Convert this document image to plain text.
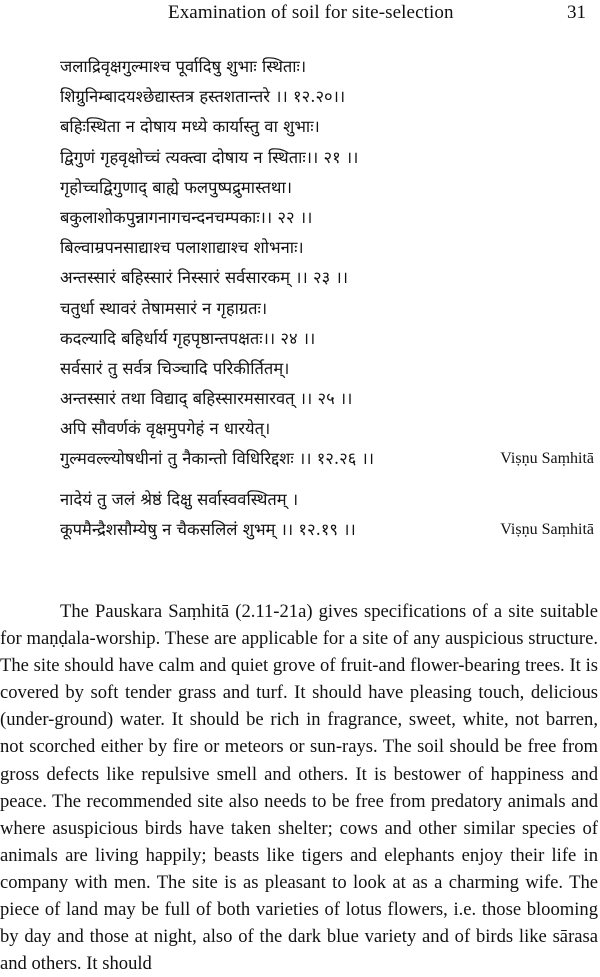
Examination of soil for site-selection	31
जलाद्रिवृक्षगुल्माश्च पूर्वादिषु शुभाः स्थिताः।
शिग्रुनिम्बादयश्छेद्यास्तत्र हस्तशतान्तरे ।। १२.२०।।
बहिःस्थिता न दोषाय मध्ये कार्यास्तु वा शुभाः।
द्विगुणं गृहवृक्षोच्चं त्यक्त्वा दोषाय न स्थिताः।। २१ ।।
गृहोच्चद्विगुणाद् बाह्ये फलपुष्पद्रुमास्तथा।
बकुलाशोकपुन्नागनागचन्दनचम्पकाः।। २२ ।।
बिल्वाम्रपनसाद्याश्च पलाशाद्याश्च शोभनाः।
अन्तस्सारं बहिस्सारं निस्सारं सर्वसारकम् ।। २३ ।।
चतुर्धा स्थावरं तेषामसारं न गृहाग्रतः।
कदल्यादि बहिर्धार्य गृहपृष्ठान्तपक्षतः।। २४ ।।
सर्वसारं तु सर्वत्र चिञ्चादि परिकीर्तितम्।
अन्तस्सारं तथा विद्याद् बहिस्सारमसारवत् ।। २५ ।।
अपि सौवर्णकं वृक्षमुपगेहं न धारयेत्।
गुल्मवल्ल्योषधीनां तु नैकान्तो विधिरिद्दशः ।। १२.२६ ।।	Viṣṇu Saṃhitā
नादेयं तु जलं श्रेष्ठं दिक्षु सर्वास्ववस्थितम् ।
कूपमैन्द्रैशसौम्येषु न चैकसलिलं शुभम् ।। १२.१९ ।।	Viṣṇu Saṃhitā

The Pauskara Saṃhitā (2.11-21a) gives specifications of a site suitable for maṇḍala-worship. These are applicable for a site of any auspicious structure. The site should have calm and quiet grove of fruit-and flower-bearing trees. It is covered by soft tender grass and turf. It should have pleasing touch, delicious (under-ground) water. It should be rich in fragrance, sweet, white, not barren, not scorched either by fire or meteors or sun-rays. The soil should be free from gross defects like repulsive smell and others. It is bestower of happiness and peace. The recommended site also needs to be free from predatory animals and where asuspicious birds have taken shelter; cows and other similar species of animals are living happily; beasts like tigers and elephants enjoy their life in company with men. The site is as pleasant to look at as a charming wife. The piece of land may be full of both varieties of lotus flowers, i.e. those blooming by day and those at night, also of the dark blue variety and of birds like sārasa and others. It should
